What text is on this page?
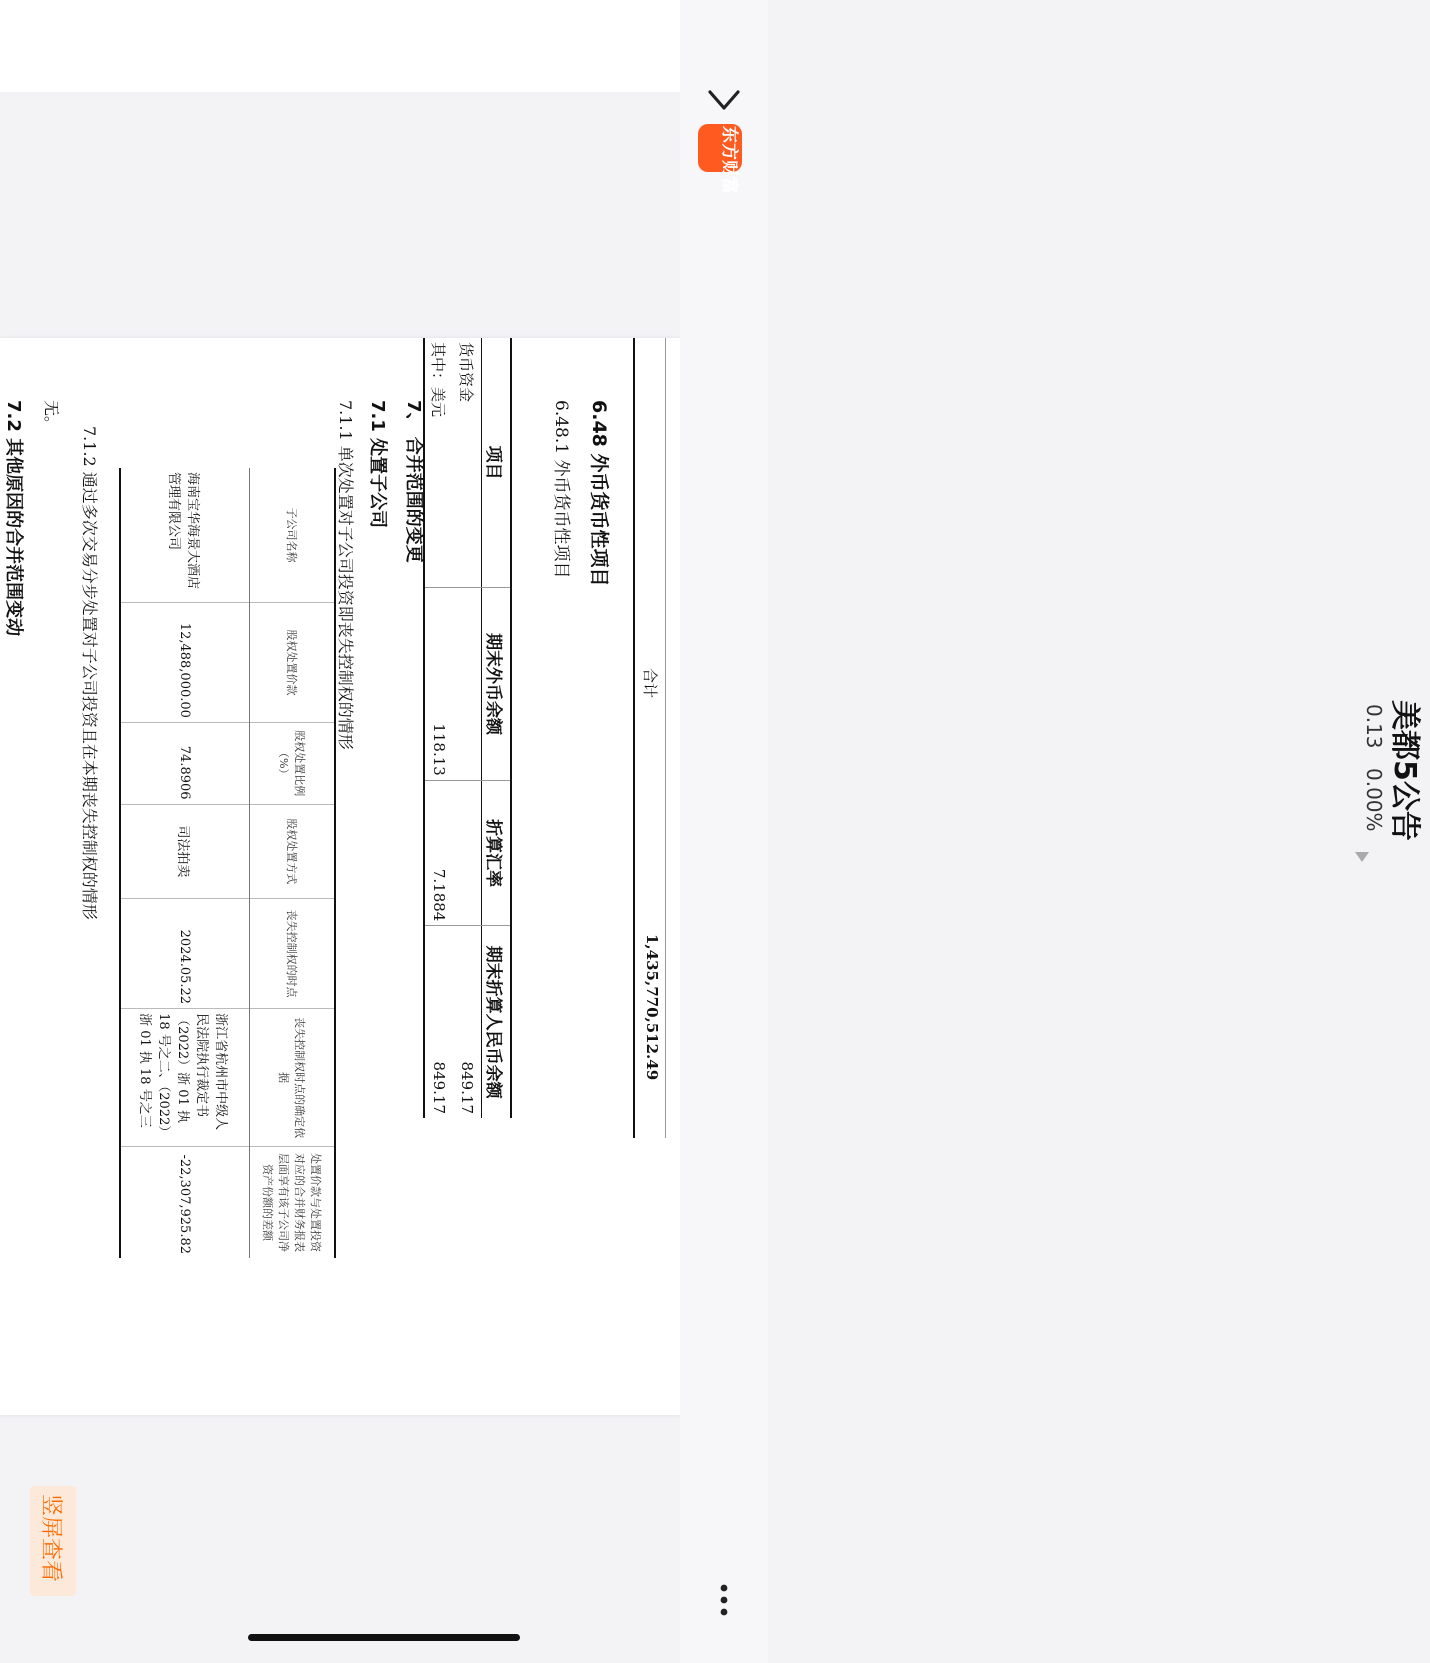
东方财富
美都5公告
0.13
0.00%
竖屏查看
合计
1,435,770,512.49
6.48 外币货币性项目
6.48.1 外币货币性项目
项目	期末外币余额	折算汇率	期末折算人民币余额
货币资金			849.17
其中：美元	118.13	7.1884	849.17
7、 合并范围的变更
7.1 处置子公司
7.1.1 单次处置对子公司投资即丧失控制权的情形
子公司名称	股权处置价款	股权处置比例（%）	股权处置方式	丧失控制权的时点	丧失控制权时点的确定依据	处置价款与处置投资对应的合并财务报表层面享有该子公司净资产份额的差额
海南宝华海景大酒店管理有限公司	12,488,000.00	74.8906	司法拍卖	2024.05.22	浙江省杭州市中级人民法院执行裁定书（2022）浙 01 执 18 号之二、（2022）浙 01 执 18 号之三	-22,307,925.82
7.1.2 通过多次交易分步处置对子公司投资且在本期丧失控制权的情形
无。
7.2 其他原因的合并范围变动
